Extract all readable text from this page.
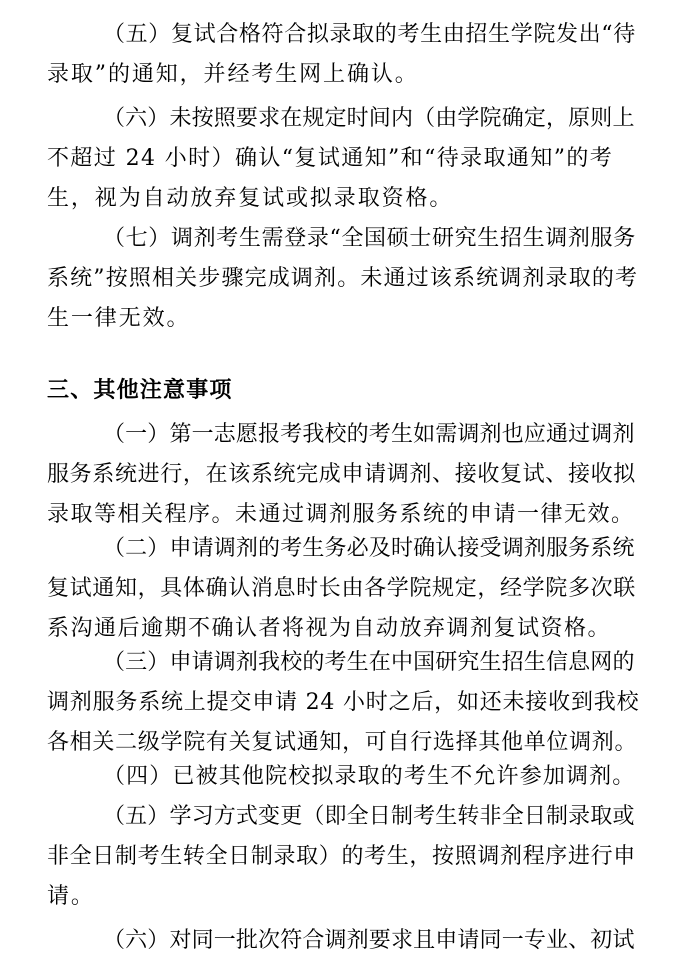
（五）复试合格符合拟录取的考生由招生学院发出“待

录取”的通知，并经考生网上确认。

（六）未按照要求在规定时间内（由学院确定，原则上

不超过 24 小时）确认“复试通知”和“待录取通知”的考

生，视为自动放弃复试或拟录取资格。

（七）调剂考生需登录“全国硕士研究生招生调剂服务

系统”按照相关步骤完成调剂。未通过该系统调剂录取的考

生一律无效。

三、其他注意事项

（一）第一志愿报考我校的考生如需调剂也应通过调剂

服务系统进行，在该系统完成申请调剂、接收复试、接收拟

录取等相关程序。未通过调剂服务系统的申请一律无效。

（二）申请调剂的考生务必及时确认接受调剂服务系统

复试通知，具体确认消息时长由各学院规定，经学院多次联

系沟通后逾期不确认者将视为自动放弃调剂复试资格。

（三）申请调剂我校的考生在中国研究生招生信息网的

调剂服务系统上提交申请 24 小时之后，如还未接收到我校

各相关二级学院有关复试通知，可自行选择其他单位调剂。

（四）已被其他院校拟录取的考生不允许参加调剂。

（五）学习方式变更（即全日制考生转非全日制录取或

非全日制考生转全日制录取）的考生，按照调剂程序进行申

请。

（六）对同一批次符合调剂要求且申请同一专业、初试
